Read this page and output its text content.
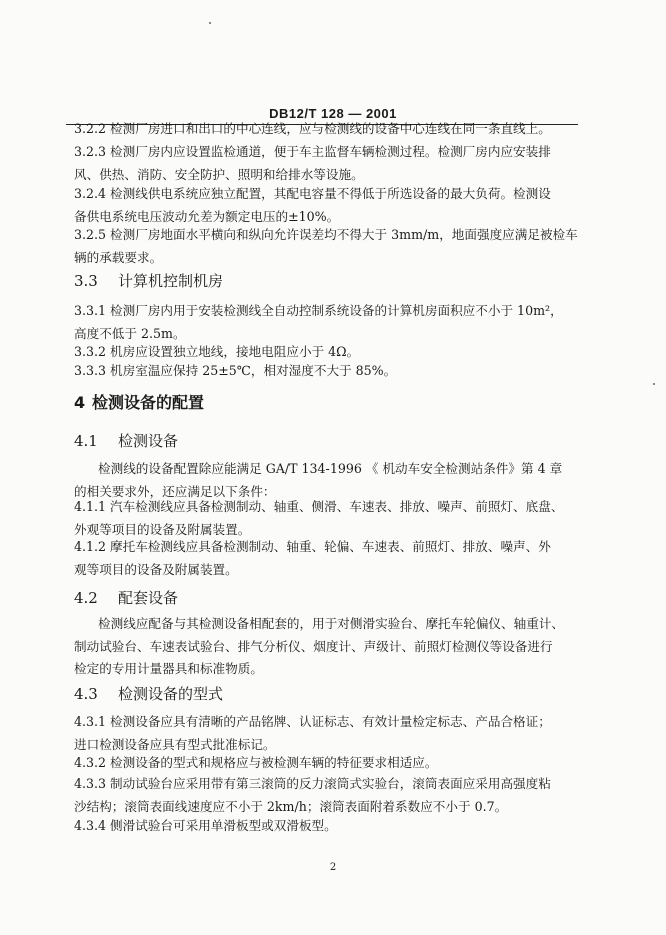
DB12/T 128 — 2001
3.2.2 检测厂房进口和出口的中心连线，应与检测线的设备中心连线在同一条直线上。
3.2.3 检测厂房内应设置监检通道，便于车主监督车辆检测过程。检测厂房内应安装排
风、供热、消防、安全防护、照明和给排水等设施。
3.2.4 检测线供电系统应独立配置，其配电容量不得低于所选设备的最大负荷。检测设
备供电系统电压波动允差为额定电压的±10%。
3.2.5 检测厂房地面水平横向和纵向允许误差均不得大于 3mm/m，地面强度应满足被检车
辆的承载要求。
3.3 计算机控制机房
3.3.1 检测厂房内用于安装检测线全自动控制系统设备的计算机房面积应不小于 10m²，
高度不低于 2.5m。
3.3.2 机房应设置独立地线，接地电阻应小于 4Ω。
3.3.3 机房室温应保持 25±5℃，相对湿度不大于 85%。
4 检测设备的配置
4.1 检测设备
检测线的设备配置除应能满足 GA/T 134-1996 《 机动车安全检测站条件》第 4 章
的相关要求外，还应满足以下条件：
4.1.1 汽车检测线应具备检测制动、轴重、侧滑、车速表、排放、噪声、前照灯、底盘、
外观等项目的设备及附属装置。
4.1.2 摩托车检测线应具备检测制动、轴重、轮偏、车速表、前照灯、排放、噪声、外
观等项目的设备及附属装置。
4.2 配套设备
检测线应配备与其检测设备相配套的，用于对侧滑实验台、摩托车轮偏仪、轴重计、
制动试验台、车速表试验台、排气分析仪、烟度计、声级计、前照灯检测仪等设备进行
检定的专用计量器具和标准物质。
4.3 检测设备的型式
4.3.1 检测设备应具有清晰的产品铭牌、认证标志、有效计量检定标志、产品合格证；
进口检测设备应具有型式批准标记。
4.3.2 检测设备的型式和规格应与被检测车辆的特征要求相适应。
4.3.3 制动试验台应采用带有第三滚筒的反力滚筒式实验台，滚筒表面应采用高强度粘
沙结构；滚筒表面线速度应不小于 2km/h；滚筒表面附着系数应不小于 0.7。
4.3.4 侧滑试验台可采用单滑板型或双滑板型。
2
